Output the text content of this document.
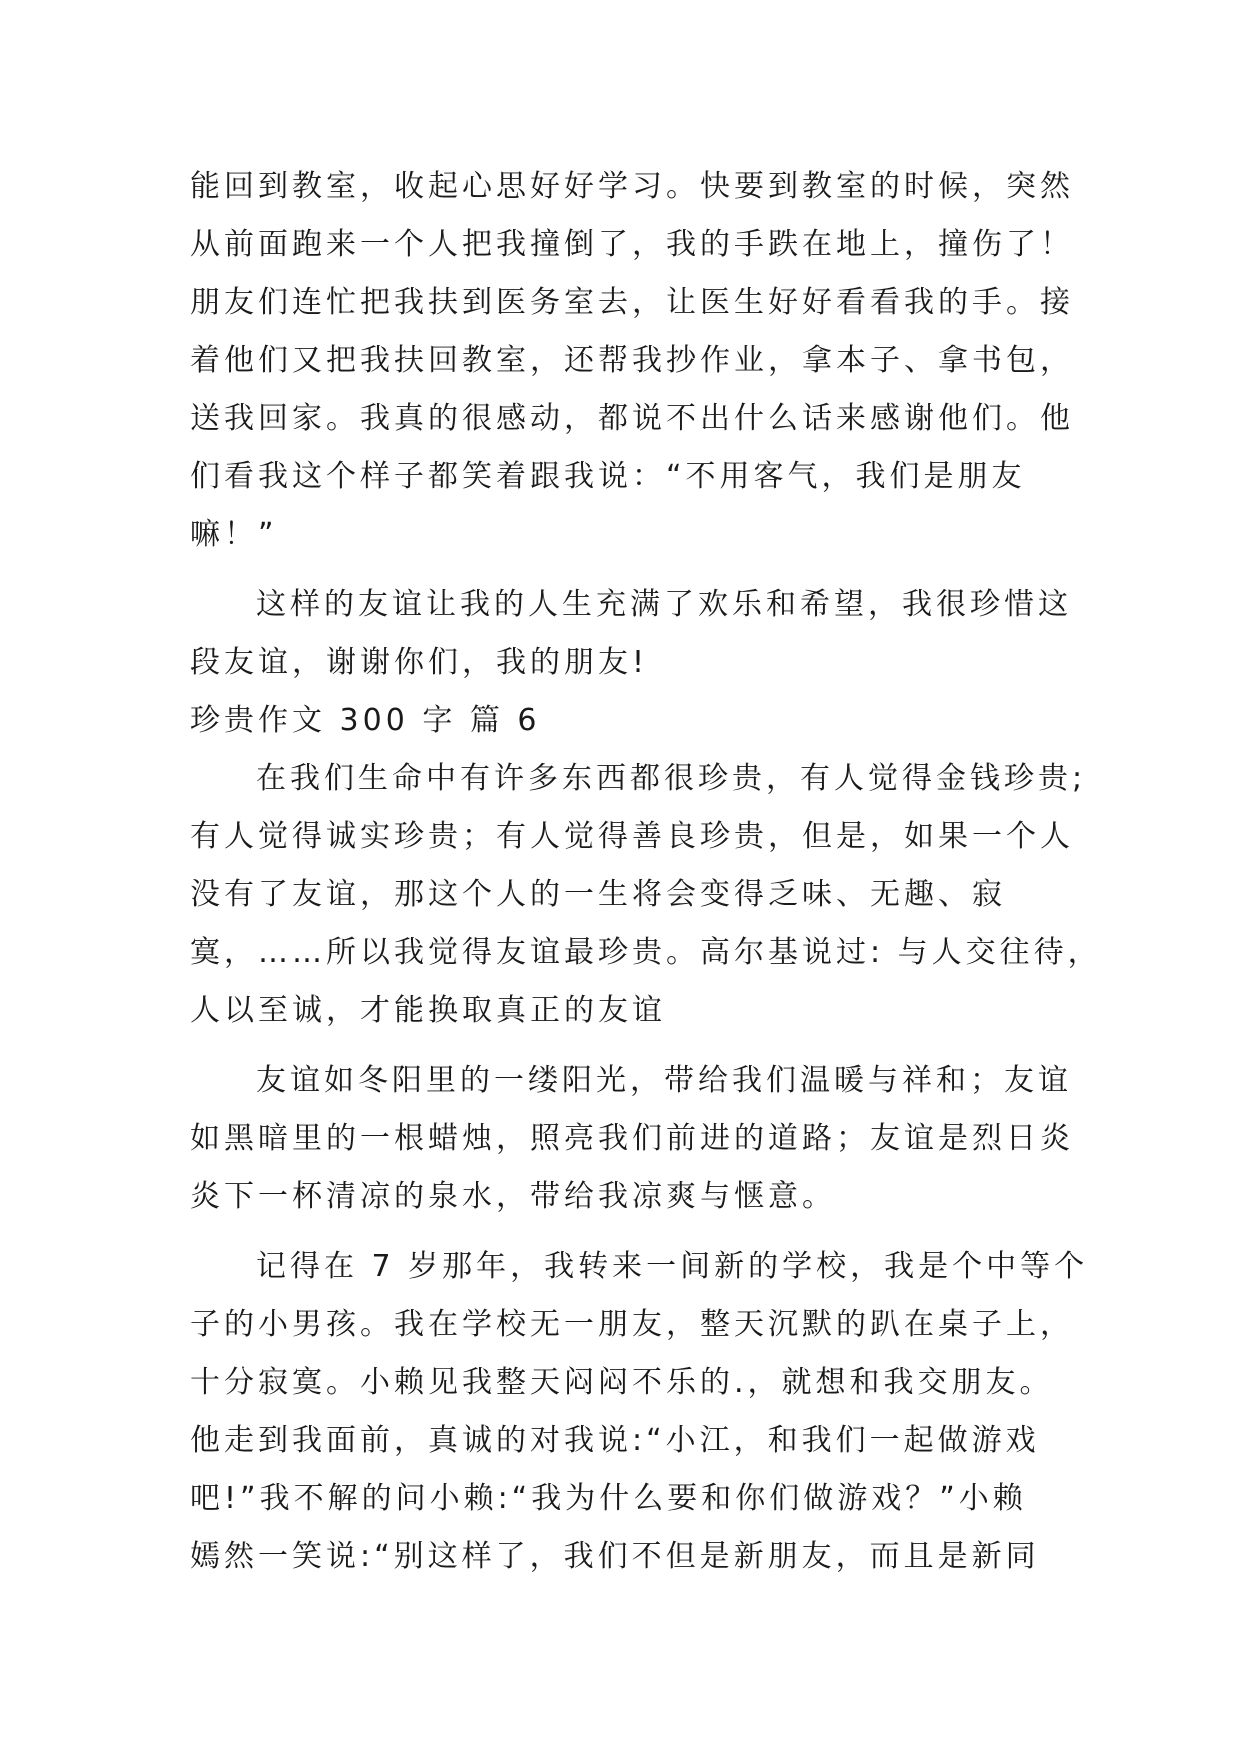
能回到教室，收起心思好好学习。快要到教室的时候，突然
从前面跑来一个人把我撞倒了，我的手跌在地上，撞伤了！
朋友们连忙把我扶到医务室去，让医生好好看看我的手。接
着他们又把我扶回教室，还帮我抄作业，拿本子、拿书包，
送我回家。我真的很感动，都说不出什么话来感谢他们。他
们看我这个样子都笑着跟我说：“不用客气，我们是朋友
嘛！”
这样的友谊让我的人生充满了欢乐和希望，我很珍惜这
段友谊，谢谢你们，我的朋友!
珍贵作文 300 字 篇 6
在我们生命中有许多东西都很珍贵，有人觉得金钱珍贵;
有人觉得诚实珍贵；有人觉得善良珍贵，但是，如果一个人
没有了友谊，那这个人的一生将会变得乏味、无趣、寂
寞，……所以我觉得友谊最珍贵。高尔基说过: 与人交往待，
人以至诚，才能换取真正的友谊
友谊如冬阳里的一缕阳光，带给我们温暖与祥和；友谊
如黑暗里的一根蜡烛，照亮我们前进的道路；友谊是烈日炎
炎下一杯清凉的泉水，带给我凉爽与惬意。
记得在 7 岁那年，我转来一间新的学校，我是个中等个
子的小男孩。我在学校无一朋友，整天沉默的趴在桌子上，
十分寂寞。小赖见我整天闷闷不乐的.，就想和我交朋友。
他走到我面前，真诚的对我说:“小江，和我们一起做游戏
吧!”我不解的问小赖:“我为什么要和你们做游戏？”小赖
嫣然一笑说:“别这样了，我们不但是新朋友，而且是新同
